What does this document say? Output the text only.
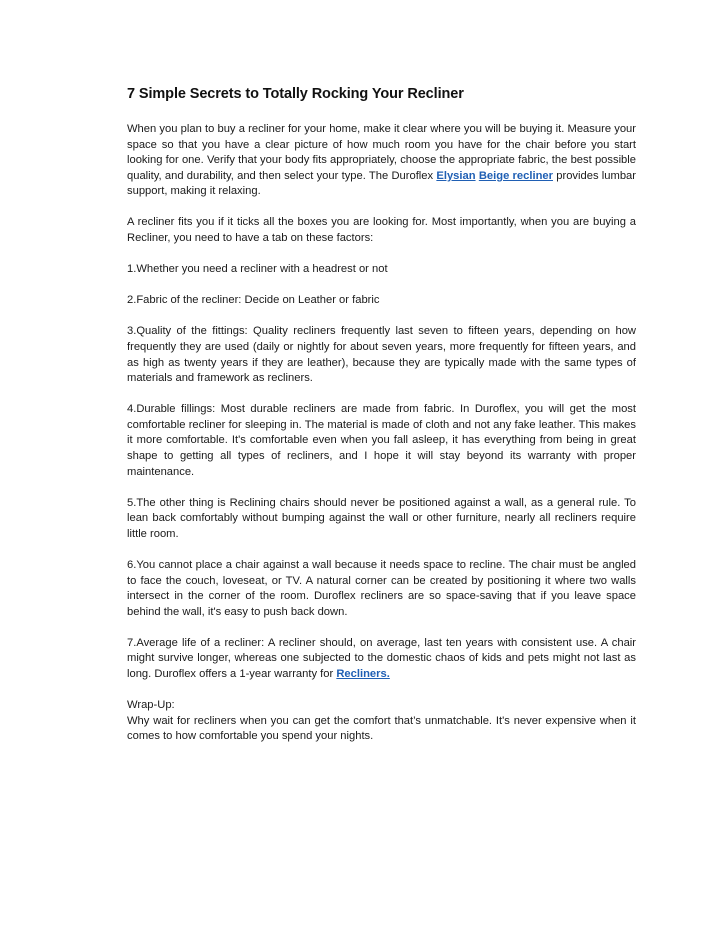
7 Simple Secrets to Totally Rocking Your Recliner

When you plan to buy a recliner for your home, make it clear where you will be buying it. Measure your space so that you have a clear picture of how much room you have for the chair before you start looking for one. Verify that your body fits appropriately, choose the appropriate fabric, the best possible quality, and durability, and then select your type. The Duroflex Elysian Beige recliner provides lumbar support, making it relaxing.

A recliner fits you if it ticks all the boxes you are looking for. Most importantly, when you are buying a Recliner, you need to have a tab on these factors:

1.Whether you need a recliner with a headrest or not

2.Fabric of the recliner: Decide on Leather or fabric

3.Quality of the fittings: Quality recliners frequently last seven to fifteen years, depending on how frequently they are used (daily or nightly for about seven years, more frequently for fifteen years, and as high as twenty years if they are leather), because they are typically made with the same types of materials and framework as recliners.

4.Durable fillings: Most durable recliners are made from fabric. In Duroflex, you will get the most comfortable recliner for sleeping in. The material is made of cloth and not any fake leather. This makes it more comfortable. It's comfortable even when you fall asleep, it has everything from being in great shape to getting all types of recliners, and I hope it will stay beyond its warranty with proper maintenance.

5.The other thing is Reclining chairs should never be positioned against a wall, as a general rule. To lean back comfortably without bumping against the wall or other furniture, nearly all recliners require little room.

6.You cannot place a chair against a wall because it needs space to recline. The chair must be angled to face the couch, loveseat, or TV. A natural corner can be created by positioning it where two walls intersect in the corner of the room. Duroflex recliners are so space-saving that if you leave space behind the wall, it's easy to push back down.

7.Average life of a recliner: A recliner should, on average, last ten years with consistent use. A chair might survive longer, whereas one subjected to the domestic chaos of kids and pets might not last as long. Duroflex offers a 1-year warranty for Recliners.

Wrap-Up:
Why wait for recliners when you can get the comfort that’s unmatchable. It's never expensive when it comes to how comfortable you spend your nights.
